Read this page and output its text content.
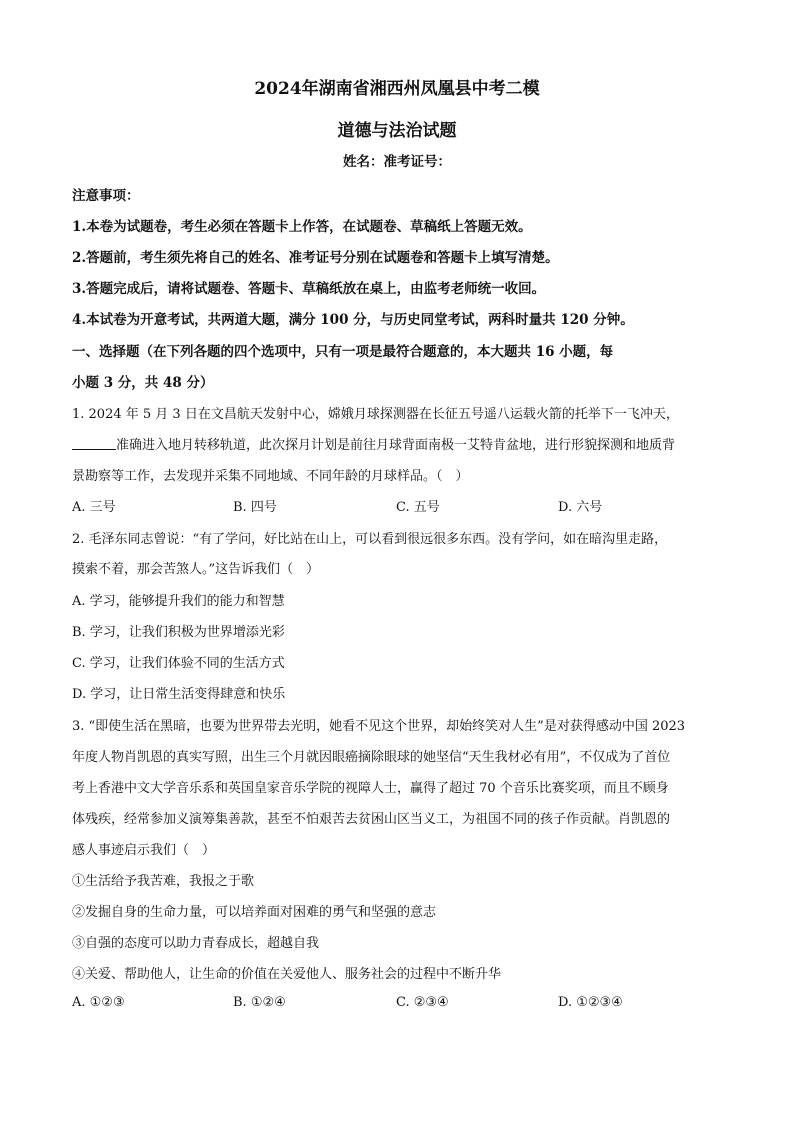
2024年湖南省湘西州凤凰县中考二模
道德与法治试题
姓名：准考证号：
注意事项：
1.本卷为试题卷，考生必须在答题卡上作答，在试题卷、草稿纸上答题无效。
2.答题前，考生须先将自己的姓名、准考证号分别在试题卷和答题卡上填写清楚。
3.答题完成后，请将试题卷、答题卡、草稿纸放在桌上，由监考老师统一收回。
4.本试卷为开意考试，共两道大题，满分 100 分，与历史同堂考试，两科时量共 120 分钟。
一、选择题（在下列各题的四个选项中，只有一项是最符合题意的，本大题共 16 小题，每
小题 3 分，共 48 分）
1. 2024 年 5 月 3 日在文昌航天发射中心，嫦娥月球探测器在长征五号遥八运载火箭的托举下一飞冲天，
准确进入地月转移轨道，此次探月计划是前往月球背面南极一艾特肯盆地，进行形貌探测和地质背
景勘察等工作，去发现并采集不同地域、不同年龄的月球样品。（　）
A. 三号	B. 四号	C. 五号	D. 六号
2. 毛泽东同志曾说：“有了学问，好比站在山上，可以看到很远很多东西。没有学问，如在暗沟里走路，
摸索不着，那会苦煞人。”这告诉我们（　）
A. 学习，能够提升我们的能力和智慧
B. 学习，让我们积极为世界增添光彩
C. 学习，让我们体验不同的生活方式
D. 学习，让日常生活变得肆意和快乐
3. “即使生活在黑暗，也要为世界带去光明，她看不见这个世界，却始终笑对人生”是对获得感动中国 2023
年度人物肖凯恩的真实写照，出生三个月就因眼癌摘除眼球的她坚信“天生我材必有用”，不仅成为了首位
考上香港中文大学音乐系和英国皇家音乐学院的视障人士，赢得了超过 70 个音乐比赛奖项，而且不顾身
体残疾，经常参加义演筹集善款，甚至不怕艰苦去贫困山区当义工，为祖国不同的孩子作贡献。肖凯恩的
感人事迹启示我们（　）
①生活给予我苦难，我报之于歌
②发掘自身的生命力量，可以培养面对困难的勇气和坚强的意志
③自强的态度可以助力青春成长，超越自我
④关爱、帮助他人，让生命的价值在关爱他人、服务社会的过程中不断升华
A. ①②③	B. ①②④	C. ②③④	D. ①②③④
